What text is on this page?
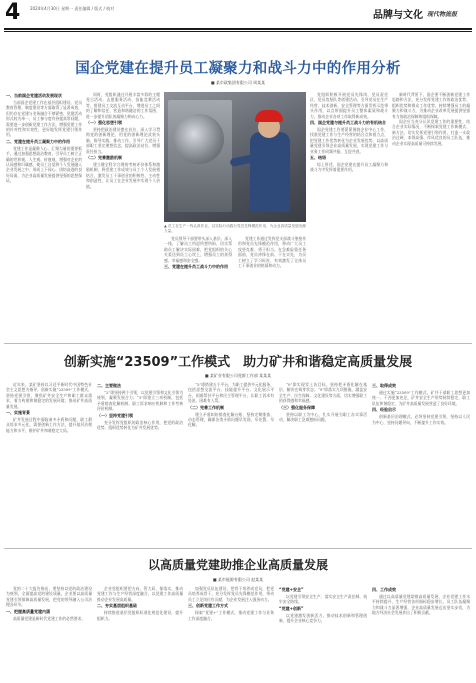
4 2024年4月30日 星期一 责任编辑 / 版式 / 校对
品牌与文化 现代物流报
国企党建在提升员工凝聚力和战斗力中的作用分析
■ 某市政集团有限公司 周某某
一、当前国企党建活动发展现状

当前国企党建工作在基层组织建设、党员教育管理、制度建设等方面取得了显著成效，但仍存在党建与业务融合不够紧密、党建活动形式较为单一、员工参与度有待提高等问题，需要进一步创新党建工作方法，增强党建工作的针对性和实效性，更好地发挥党建引领作用。

二、党建在提升员工凝聚力中的作用

党建工作是凝聚人心、汇聚力量的重要抓手。通过加强思想政治教育，引导员工树立正确的世界观、人生观、价值观，增强对企业的认同感和归属感，使员工自觉将个人发展融入企业发展之中，形成上下同心、团结奋进的良好局面，为企业高质量发展提供坚强的思想保证。

同时，党组织通过开展丰富多彩的主题党日活动、志愿服务活动、技能竞赛活动等，搭建员工交流互动平台，增进员工之间的了解和信任，营造和谐融洽的工作氛围，进一步提升团队的凝聚力和向心力。

（一）强化思想引领

坚持把政治建设摆在首位，深入学习贯彻党的创新理论，用党的创新理论武装头脑、指导实践、推动工作，引导广大党员干部职工坚定理想信念，提高政治站位，增强责任担当。

（二）完善激励机制

建立健全科学合理的考核评价体系和激励机制，将党建工作成效与员工个人发展相结合，激发员工干事创业的积极性、主动性和创造性，让员工在企业发展中实现个人价值。

▲ 员工在生产一线认真作业，以实际行动践行党员先锋模范作用，为企业高质量发展贡献力量。

党员领导干部要带头深入基层、深入一线，了解员工所思所想所盼，切实帮助员工解决实际困难，把党组织的关心关爱送到员工心坎上，增强员工的获得感、幸福感和安全感。

三、党建在提升员工战斗力中的作用

党建工作通过发挥党支部战斗堡垒作用和党员先锋模范作用，带动广大员工攻坚克难、勇于担当。在急难险重任务面前，党员冲锋在前、干在实处，为员工树立了学习标杆，有效激发了全体员工干事创业的热情和动力。

党组织积极开展党员先锋岗、党员责任区、党员攻坚队等创建活动，引导党员在生产经营、技术创新、安全管理等方面发挥示范带头作用，以点带面提升员工整体素质和战斗力，推动企业各项工作取得新成效。

四、国企党建与提升员工战斗力的有机结合

国企党建工作要紧紧围绕企业中心工作，找准党建工作与生产经营的结合点和着力点，把党建工作优势转化为企业发展优势，以高质量党建引领企业高质量发展，实现党建工作与业务工作同频共振、互促共进。

五、结语

综上所述，国企党建在提升员工凝聚力和战斗力中发挥着重要作用。

新时代背景下，国企要不断创新党建工作思路和方法，充分发挥党建工作的政治优势、组织优势和群众工作优势，持续增强员工的凝聚力和战斗力，为推动企业改革发展提供坚强有力的政治保障和组织保障。

国企应当充分认识党建工作的重要性，结合企业实际情况，不断探索党建工作新模式、新方法，切实发挥党建引领作用，打造一支政治过硬、本领高强、作风优良的员工队伍，推动企业实现高质量可持续发展。

创新实施“23509”工作模式　助力矿井和谐稳定高质量发展
■ 某矿业有限公司党群工作部 某某某

近年来，某矿坚持以习近平新时代中国特色社会主义思想为指导，创新实施“23509”工作模式，坚持党建引领，聚焦矿井安全生产和职工群众需求，着力构建和谐稳定的发展环境，推动矿井高质量发展。

一、实施背景

矿井发展过程中面临诸多矛盾和问题，职工群众诉求多元化，需要创新工作方法，提升基层治理能力和水平，维护矿井和谐稳定大局。

二、主要做法

“2”即坚持两个引领，以党建引领和文化引领为统领，凝聚发展合力；“3”即建立三项机制，包括矛盾排查化解机制、职工诉求响应机制和工作考核评价机制。

（一）坚持党建引领

充分发挥党组织的政治核心作用，把党的政治优势、组织优势转化为矿井发展优势。

“5”即搭建五个平台，为职工提供多元化服务，包括思想交流平台、技能提升平台、文化展示平台、困难帮扶平台和民主管理平台，让职工诉求有处说、困难有人帮。

（二）完善工作机制

建立矛盾纠纷排查化解台账，坚持定期排查、动态管理，确保各类矛盾问题早发现、早处置、早化解。

“0”即实现零上访目标，坚持把矛盾化解在基层、解决在萌芽状态；“9”即落实九项措施，涵盖安全生产、民生保障、文化建设等方面，切实增强职工的获得感和幸福感。

（三）强化服务保障

坚持以职工为中心，扎实开展为职工办实事活动，解决职工急难愁盼问题。

三、取得成效

通过实施“23509”工作模式，矿井干部职工思想更加统一、干劲更加充足，矿井安全生产形势持续稳定，职工队伍和谐稳定，为矿井高质量发展营造了良好环境。

四、经验启示

创新基层治理模式，必须坚持党建引领，坚持以人民为中心，坚持问题导向，不断提升工作实效。

以高质量党建助推企业高质量发展
■ 某市能源有限公司 赵某某

党的二十大报告指出，要坚持以党的政治建设为统领，全面提高党的建设质量。企业要以高质量党建引领保障高质量发展，把党的领导融入公司治理各环节。

一、把握高质量党建内涵

高质量党建是新时代党建工作的必然要求。

企业党组织要把方向、管大局、保落实，推动党建工作与生产经营深度融合，以党建工作高质量推动企业发展高质量。

二、夯实基层组织基础

持续推进基层党组织标准化规范化建设，提升组织力。

加强党员队伍建设，把骨干培养成党员，把党员培养成骨干，充分发挥党员先锋模范作用，带动员工立足岗位作贡献，为企业发展注入强劲动力。

三、创新党建工作方式

探索“党建+”工作模式，推动党建工作与业务工作深度融合。

“党建+安全”

以党建引领安全生产，落实安全生产责任制，筑牢安全防线。

“党建+创新”

以党建激发创新活力，推动技术创新和管理创新，提升企业核心竞争力。

四、工作成效

通过以高质量党建助推高质量发展，企业党建工作水平持续提升，生产经营各项指标稳步增长，员工队伍凝聚力和战斗力显著增强，企业高质量发展迈出坚实步伐，为地方经济社会发展作出了积极贡献。
